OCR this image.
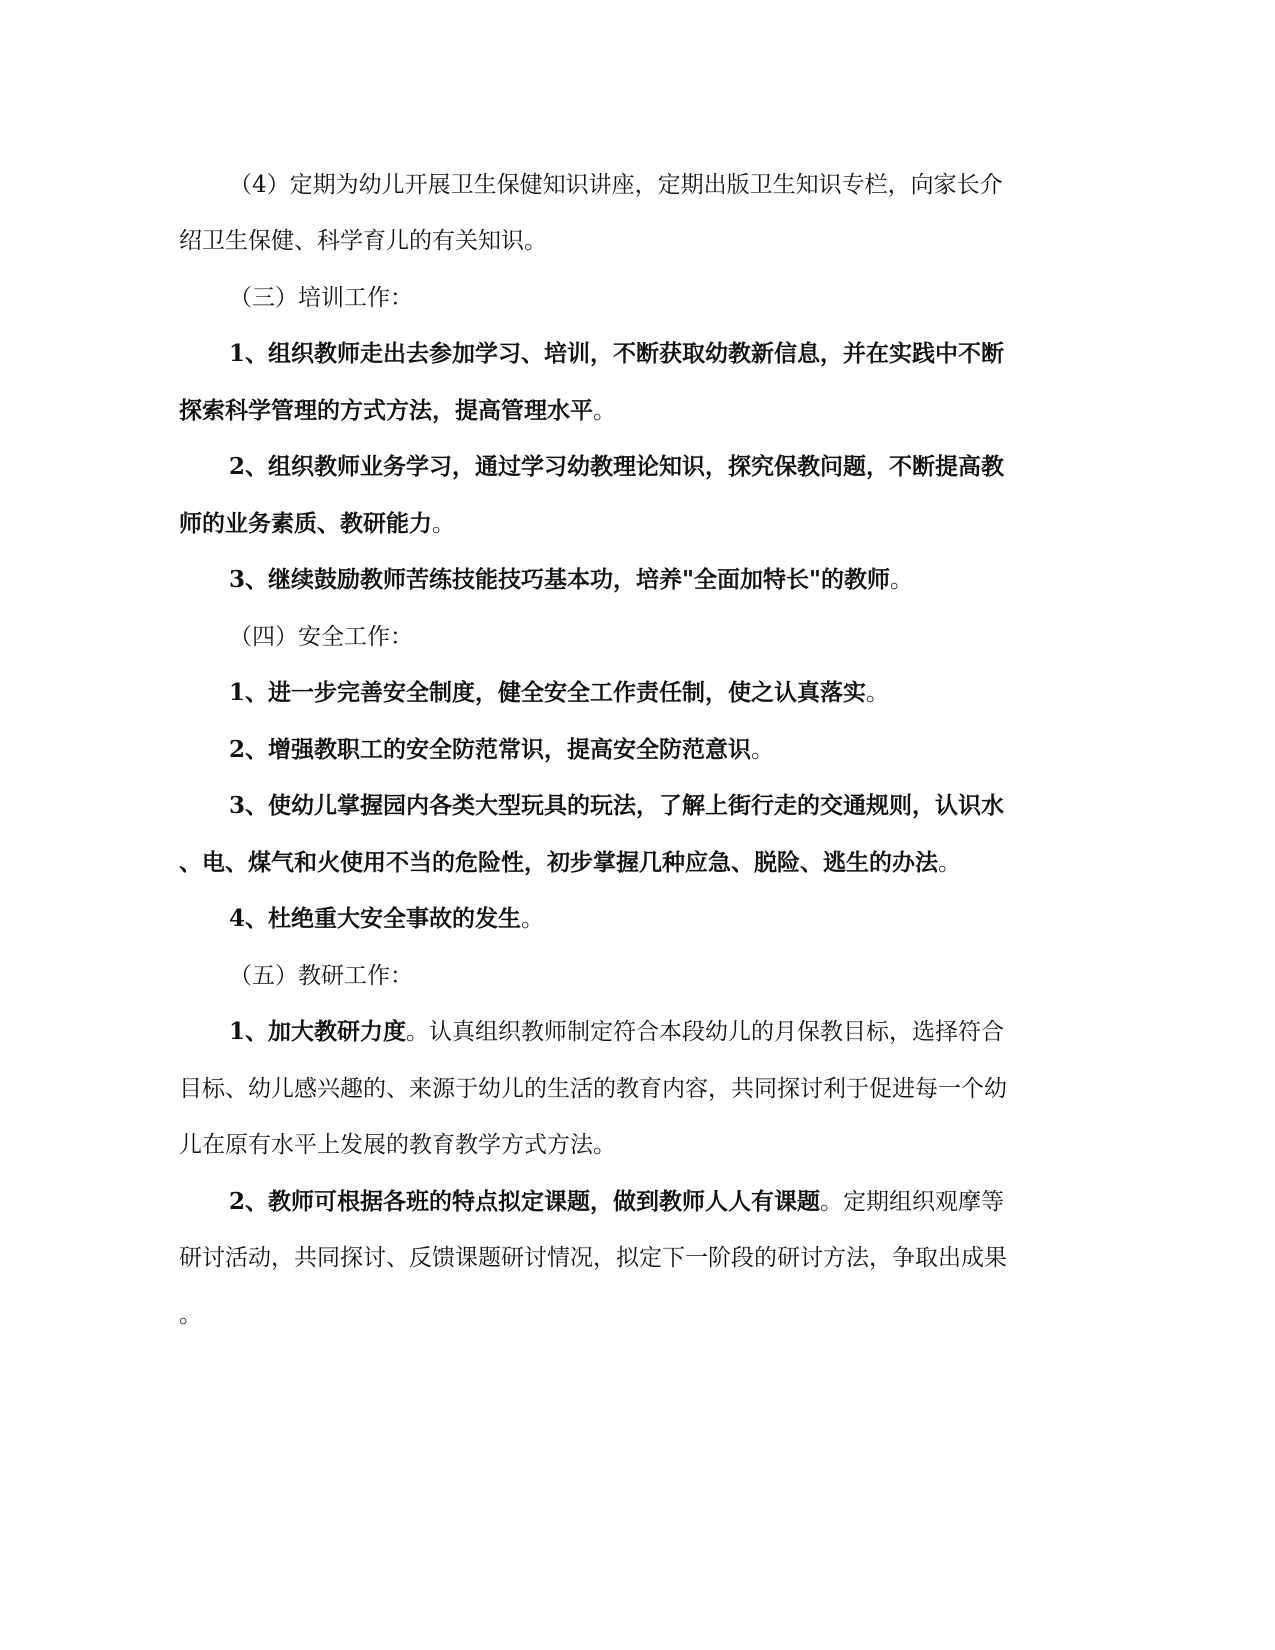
（4）定期为幼儿开展卫生保健知识讲座，定期出版卫生知识专栏，向家长介
绍卫生保健、科学育儿的有关知识。
（三）培训工作：
1、组织教师走出去参加学习、培训，不断获取幼教新信息，并在实践中不断
探索科学管理的方式方法，提高管理水平。
2、组织教师业务学习，通过学习幼教理论知识，探究保教问题，不断提高教
师的业务素质、教研能力。
3、继续鼓励教师苦练技能技巧基本功，培养"全面加特长"的教师。
（四）安全工作：
1、进一步完善安全制度，健全安全工作责任制，使之认真落实。
2、增强教职工的安全防范常识，提高安全防范意识。
3、使幼儿掌握园内各类大型玩具的玩法，了解上街行走的交通规则，认识水
、电、煤气和火使用不当的危险性，初步掌握几种应急、脱险、逃生的办法。
4、杜绝重大安全事故的发生。
（五）教研工作：
1、加大教研力度。认真组织教师制定符合本段幼儿的月保教目标，选择符合
目标、幼儿感兴趣的、来源于幼儿的生活的教育内容，共同探讨利于促进每一个幼
儿在原有水平上发展的教育教学方式方法。
2、教师可根据各班的特点拟定课题，做到教师人人有课题。定期组织观摩等
研讨活动，共同探讨、反馈课题研讨情况，拟定下一阶段的研讨方法，争取出成果
。
